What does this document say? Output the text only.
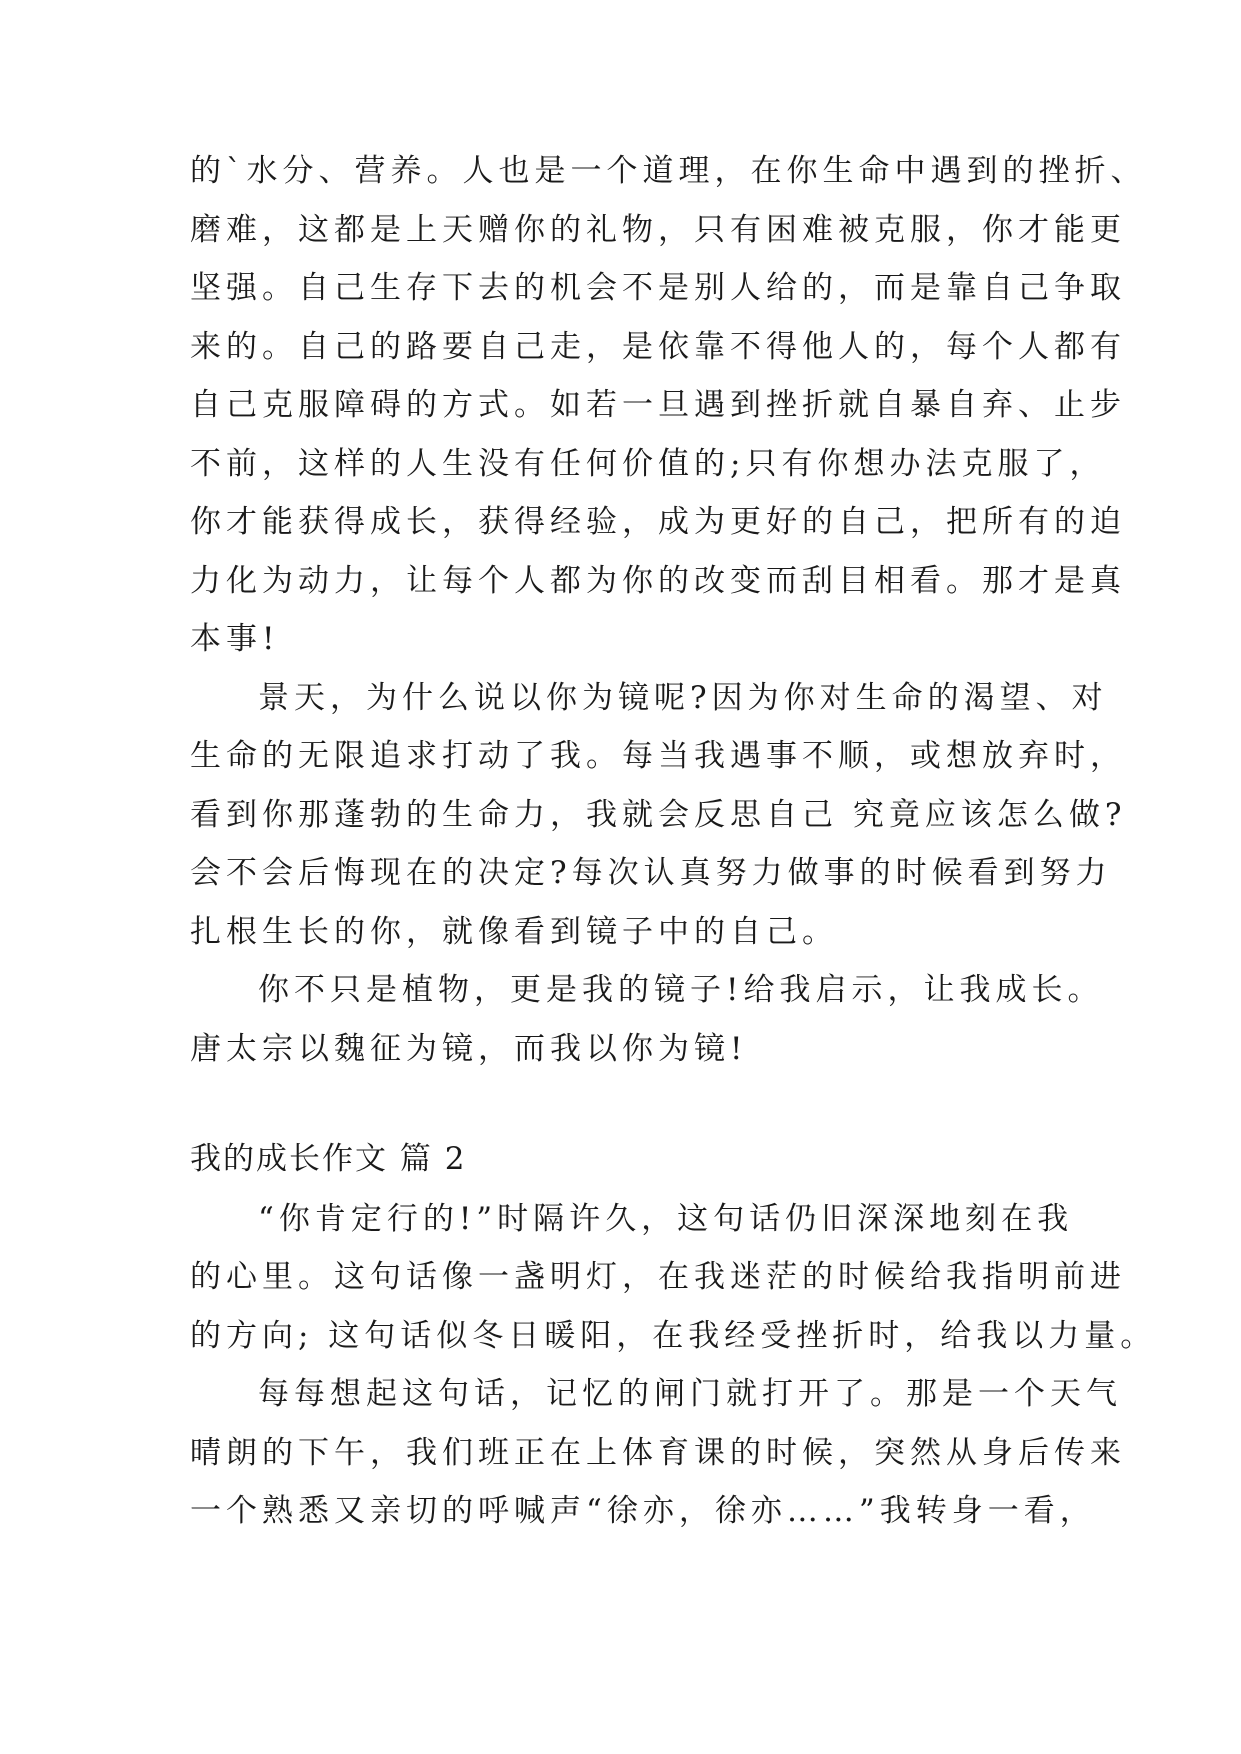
的`水分、营养。人也是一个道理，在你生命中遇到的挫折、
磨难，这都是上天赠你的礼物，只有困难被克服，你才能更
坚强。自己生存下去的机会不是别人给的，而是靠自己争取
来的。自己的路要自己走，是依靠不得他人的，每个人都有
自己克服障碍的方式。如若一旦遇到挫折就自暴自弃、止步
不前，这样的人生没有任何价值的;只有你想办法克服了，
你才能获得成长，获得经验，成为更好的自己，把所有的迫
力化为动力，让每个人都为你的改变而刮目相看。那才是真
本事!
景天，为什么说以你为镜呢?因为你对生命的渴望、对
生命的无限追求打动了我。每当我遇事不顺，或想放弃时，
看到你那蓬勃的生命力，我就会反思自己 究竟应该怎么做?
会不会后悔现在的决定?每次认真努力做事的时候看到努力
扎根生长的你，就像看到镜子中的自己。
你不只是植物，更是我的镜子!给我启示，让我成长。
唐太宗以魏征为镜，而我以你为镜!
我的成长作文 篇 2
“你肯定行的!”时隔许久，这句话仍旧深深地刻在我
的心里。这句话像一盏明灯，在我迷茫的时候给我指明前进
的方向; 这句话似冬日暖阳，在我经受挫折时，给我以力量。
每每想起这句话，记忆的闸门就打开了。那是一个天气
晴朗的下午，我们班正在上体育课的时候，突然从身后传来
一个熟悉又亲切的呼喊声“徐亦，徐亦……”我转身一看，
